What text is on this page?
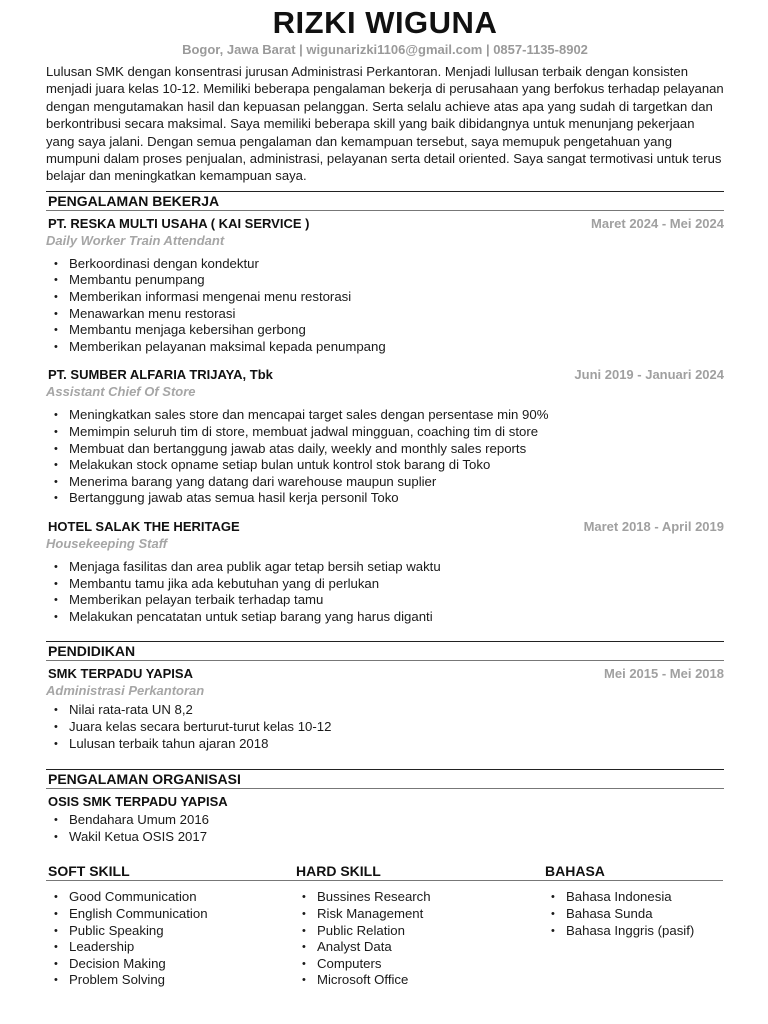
RIZKI WIGUNA
Bogor, Jawa Barat | wigunarizki1106@gmail.com | 0857-1135-8902

Lulusan SMK dengan konsentrasi jurusan Administrasi Perkantoran. Menjadi lullusan terbaik dengan konsisten menjadi juara kelas 10-12. Memiliki beberapa pengalaman bekerja di perusahaan yang berfokus terhadap pelayanan dengan mengutamakan hasil dan kepuasan pelanggan. Serta selalu achieve atas apa yang sudah di targetkan dan berkontribusi secara maksimal. Saya memiliki beberapa skill yang baik dibidangnya untuk menunjang pekerjaan yang saya jalani. Dengan semua pengalaman dan kemampuan tersebut, saya memupuk pengetahuan yang mumpuni dalam proses penjualan, administrasi, pelayanan serta detail oriented. Saya sangat termotivasi untuk terus belajar dan meningkatkan kemampuan saya.

PENGALAMAN BEKERJA
PT. RESKA MULTI USAHA ( KAI SERVICE )	Maret 2024 - Mei 2024
Daily Worker Train Attendant
• Berkoordinasi dengan kondektur
• Membantu penumpang
• Memberikan informasi mengenai menu restorasi
• Menawarkan menu restorasi
• Membantu menjaga kebersihan gerbong
• Memberikan pelayanan maksimal kepada penumpang
PT. SUMBER ALFARIA TRIJAYA, Tbk	Juni 2019 - Januari 2024
Assistant Chief Of Store
• Meningkatkan sales store dan mencapai target sales dengan persentase min 90%
• Memimpin seluruh tim di store, membuat jadwal mingguan, coaching tim di store
• Membuat dan bertanggung jawab atas daily, weekly and monthly sales reports
• Melakukan stock opname setiap bulan untuk kontrol stok barang di Toko
• Menerima barang yang datang dari warehouse maupun suplier
• Bertanggung jawab atas semua hasil kerja personil Toko
HOTEL SALAK THE HERITAGE	Maret 2018 - April 2019
Housekeeping Staff
• Menjaga fasilitas dan area publik agar tetap bersih setiap waktu
• Membantu tamu jika ada kebutuhan yang di perlukan
• Memberikan pelayan terbaik terhadap tamu
• Melakukan pencatatan untuk setiap barang yang harus diganti
PENDIDIKAN
SMK TERPADU YAPISA	Mei 2015 - Mei 2018
Administrasi Perkantoran
• Nilai rata-rata UN 8,2
• Juara kelas secara berturut-turut kelas 10-12
• Lulusan terbaik tahun ajaran 2018
PENGALAMAN ORGANISASI
OSIS SMK TERPADU YAPISA
• Bendahara Umum 2016
• Wakil Ketua OSIS 2017
SOFT SKILL
• Good Communication
• English Communication
• Public Speaking
• Leadership
• Decision Making
• Problem Solving
HARD SKILL
• Bussines Research
• Risk Management
• Public Relation
• Analyst Data
• Computers
• Microsoft Office
BAHASA
• Bahasa Indonesia
• Bahasa Sunda
• Bahasa Inggris (pasif)
